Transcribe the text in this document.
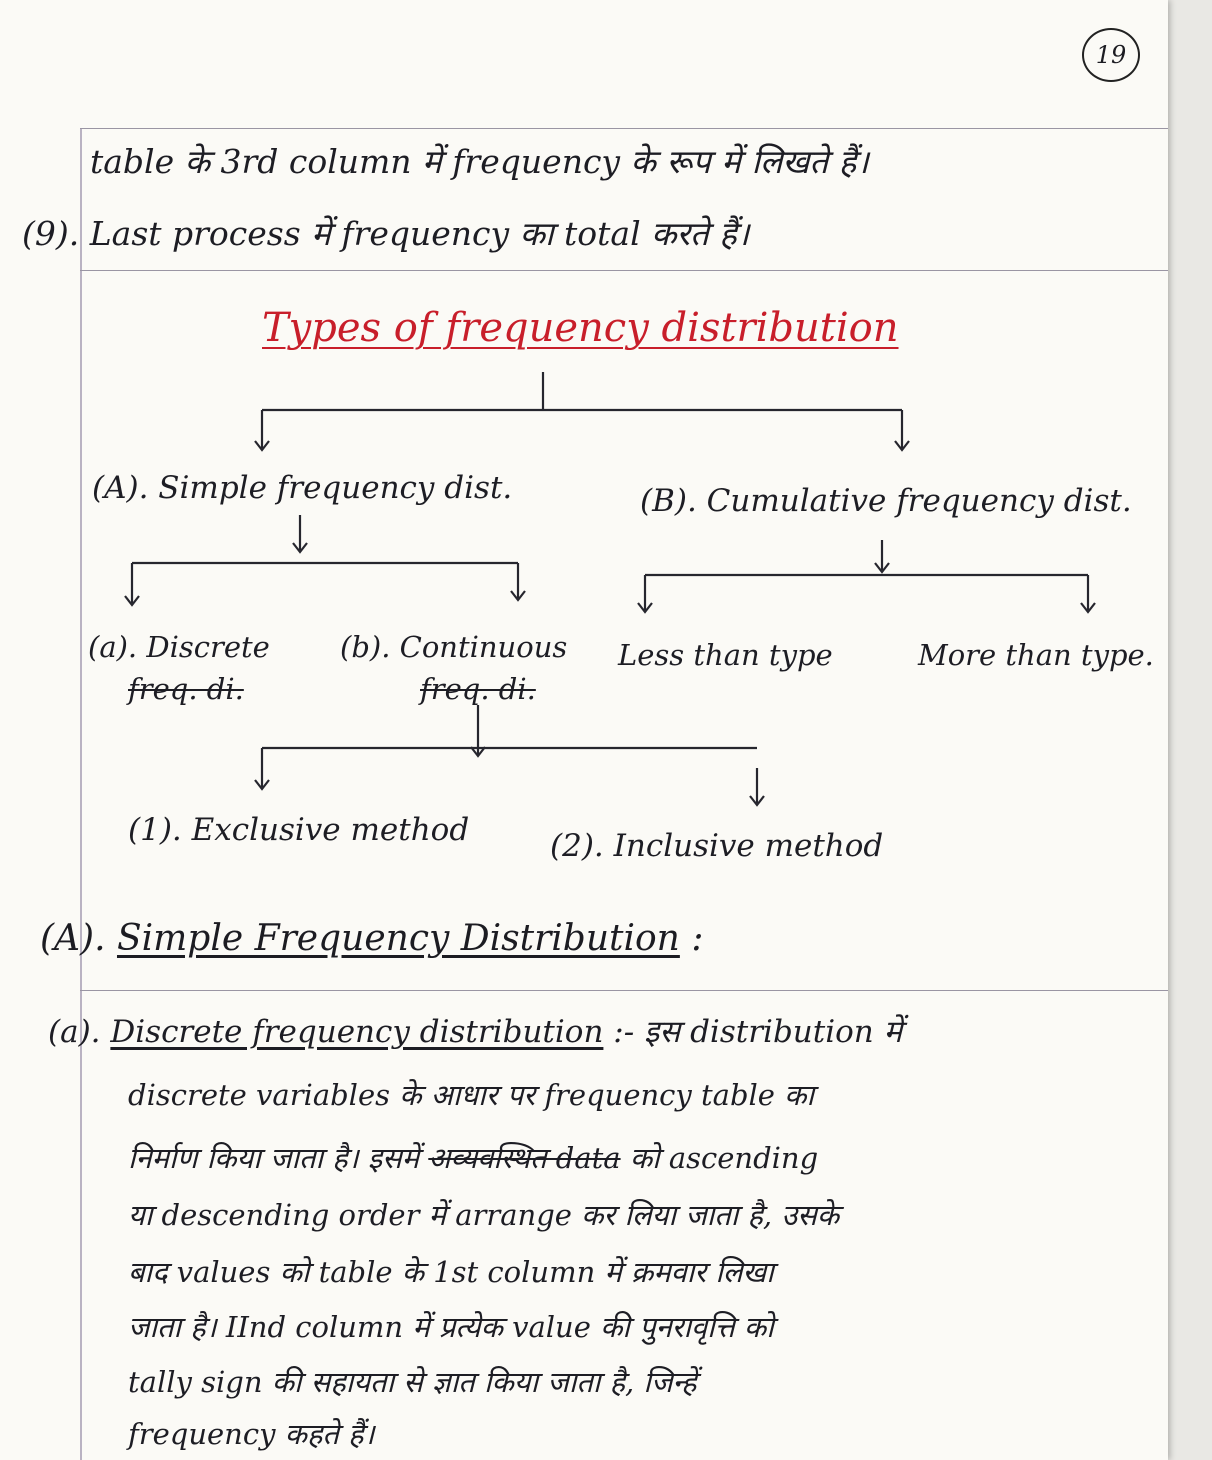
19
table के 3rd column में frequency के रूप में लिखते हैं।
(9). Last process में frequency का total करते हैं।
Types of frequency distribution
(A). Simple frequency dist.	(B). Cumulative frequency dist.
(a). Discrete
freq. di.
(b). Continuous
freq. di.
Less than type	More than type.
(1). Exclusive method	(2). Inclusive method
(A). Simple Frequency Distribution :
(a). Discrete frequency distribution :- इस distribution में
discrete variables के आधार पर frequency table का
निर्माण किया जाता है। इसमें अव्यवस्थित data को ascending
या descending order में arrange कर लिया जाता है, उसके
बाद values को table के 1st column में क्रमवार लिखा
जाता है। IInd column में प्रत्येक value की पुनरावृत्ति को
tally sign की सहायता से ज्ञात किया जाता है, जिन्हें
frequency कहते हैं।
